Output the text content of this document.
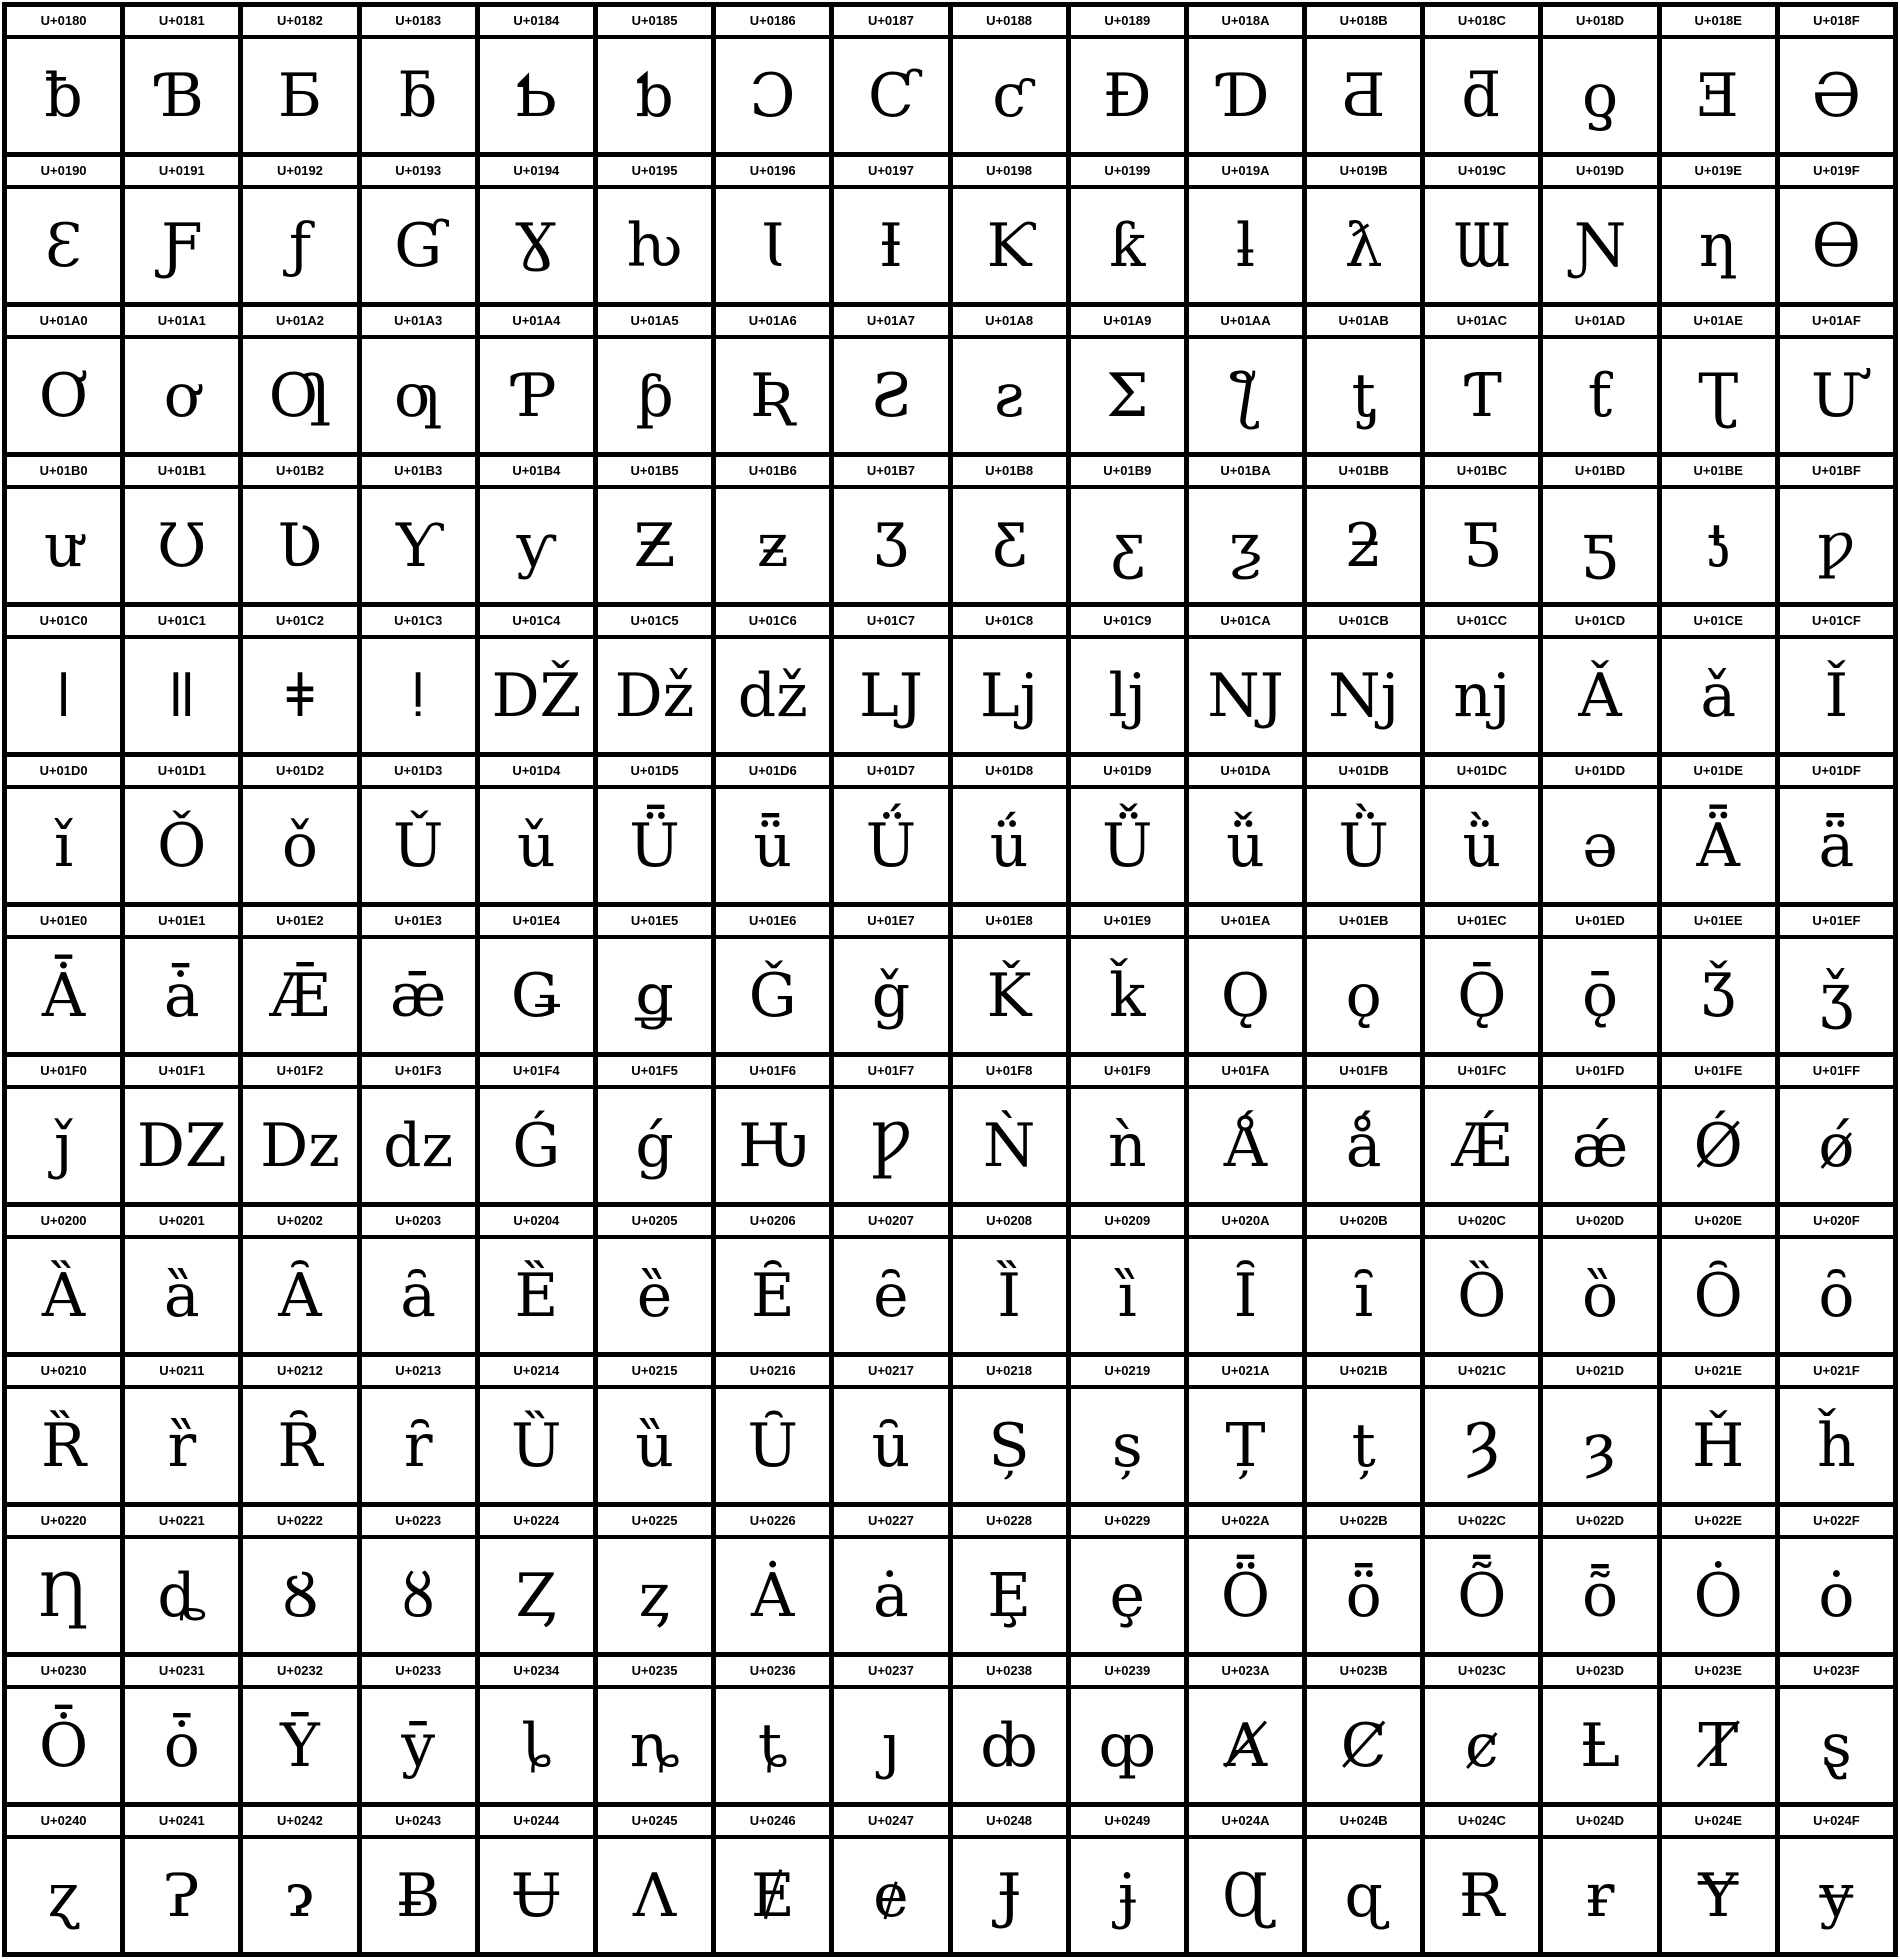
U+0180
ƀ
U+0181
Ɓ
U+0182
Ƃ
U+0183
ƃ
U+0184
Ƅ
U+0185
ƅ
U+0186
Ɔ
U+0187
Ƈ
U+0188
ƈ
U+0189
Ɖ
U+018A
Ɗ
U+018B
Ƌ
U+018C
ƌ
U+018D
ƍ
U+018E
Ǝ
U+018F
Ə
U+0190
Ɛ
U+0191
Ƒ
U+0192
ƒ
U+0193
Ɠ
U+0194
Ɣ
U+0195
ƕ
U+0196
Ɩ
U+0197
Ɨ
U+0198
Ƙ
U+0199
ƙ
U+019A
ƚ
U+019B
ƛ
U+019C
Ɯ
U+019D
Ɲ
U+019E
ƞ
U+019F
Ɵ
U+01A0
Ơ
U+01A1
ơ
U+01A2
Ƣ
U+01A3
ƣ
U+01A4
Ƥ
U+01A5
ƥ
U+01A6
Ʀ
U+01A7
Ƨ
U+01A8
ƨ
U+01A9
Ʃ
U+01AA
ƪ
U+01AB
ƫ
U+01AC
Ƭ
U+01AD
ƭ
U+01AE
Ʈ
U+01AF
Ư
U+01B0
ư
U+01B1
Ʊ
U+01B2
Ʋ
U+01B3
Ƴ
U+01B4
ƴ
U+01B5
Ƶ
U+01B6
ƶ
U+01B7
Ʒ
U+01B8
Ƹ
U+01B9
ƹ
U+01BA
ƺ
U+01BB
ƻ
U+01BC
Ƽ
U+01BD
ƽ
U+01BE
ƾ
U+01BF
ƿ
U+01C0
ǀ
U+01C1
ǁ
U+01C2
ǂ
U+01C3
ǃ
U+01C4
Ǆ
U+01C5
ǅ
U+01C6
ǆ
U+01C7
Ǉ
U+01C8
ǈ
U+01C9
ǉ
U+01CA
Ǌ
U+01CB
ǋ
U+01CC
ǌ
U+01CD
Ǎ
U+01CE
ǎ
U+01CF
Ǐ
U+01D0
ǐ
U+01D1
Ǒ
U+01D2
ǒ
U+01D3
Ǔ
U+01D4
ǔ
U+01D5
Ǖ
U+01D6
ǖ
U+01D7
Ǘ
U+01D8
ǘ
U+01D9
Ǚ
U+01DA
ǚ
U+01DB
Ǜ
U+01DC
ǜ
U+01DD
ǝ
U+01DE
Ǟ
U+01DF
ǟ
U+01E0
Ǡ
U+01E1
ǡ
U+01E2
Ǣ
U+01E3
ǣ
U+01E4
Ǥ
U+01E5
ǥ
U+01E6
Ǧ
U+01E7
ǧ
U+01E8
Ǩ
U+01E9
ǩ
U+01EA
Ǫ
U+01EB
ǫ
U+01EC
Ǭ
U+01ED
ǭ
U+01EE
Ǯ
U+01EF
ǯ
U+01F0
ǰ
U+01F1
Ǳ
U+01F2
ǲ
U+01F3
ǳ
U+01F4
Ǵ
U+01F5
ǵ
U+01F6
Ƕ
U+01F7
Ƿ
U+01F8
Ǹ
U+01F9
ǹ
U+01FA
Ǻ
U+01FB
ǻ
U+01FC
Ǽ
U+01FD
ǽ
U+01FE
Ǿ
U+01FF
ǿ
U+0200
Ȁ
U+0201
ȁ
U+0202
Ȃ
U+0203
ȃ
U+0204
Ȅ
U+0205
ȅ
U+0206
Ȇ
U+0207
ȇ
U+0208
Ȉ
U+0209
ȉ
U+020A
Ȋ
U+020B
ȋ
U+020C
Ȍ
U+020D
ȍ
U+020E
Ȏ
U+020F
ȏ
U+0210
Ȑ
U+0211
ȑ
U+0212
Ȓ
U+0213
ȓ
U+0214
Ȕ
U+0215
ȕ
U+0216
Ȗ
U+0217
ȗ
U+0218
Ș
U+0219
ș
U+021A
Ț
U+021B
ț
U+021C
Ȝ
U+021D
ȝ
U+021E
Ȟ
U+021F
ȟ
U+0220
Ƞ
U+0221
ȡ
U+0222
Ȣ
U+0223
ȣ
U+0224
Ȥ
U+0225
ȥ
U+0226
Ȧ
U+0227
ȧ
U+0228
Ȩ
U+0229
ȩ
U+022A
Ȫ
U+022B
ȫ
U+022C
Ȭ
U+022D
ȭ
U+022E
Ȯ
U+022F
ȯ
U+0230
Ȱ
U+0231
ȱ
U+0232
Ȳ
U+0233
ȳ
U+0234
ȴ
U+0235
ȵ
U+0236
ȶ
U+0237
ȷ
U+0238
ȸ
U+0239
ȹ
U+023A
Ⱥ
U+023B
Ȼ
U+023C
ȼ
U+023D
Ƚ
U+023E
Ⱦ
U+023F
ȿ
U+0240
ɀ
U+0241
Ɂ
U+0242
ɂ
U+0243
Ƀ
U+0244
Ʉ
U+0245
Ʌ
U+0246
Ɇ
U+0247
ɇ
U+0248
Ɉ
U+0249
ɉ
U+024A
Ɋ
U+024B
ɋ
U+024C
Ɍ
U+024D
ɍ
U+024E
Ɏ
U+024F
ɏ
